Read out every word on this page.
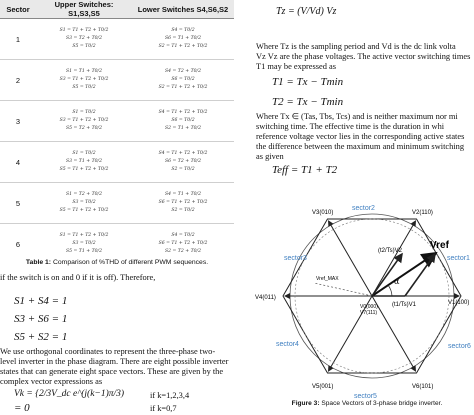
Sector	Upper Switches: S1,S3,S5	Lower Switches S4,S6,S2
1	S1 = T1 + T2 + T0/2
S3 = T2 + T0/2
S5 = T0/2	S4 = T0/2
S6 = T1 + T0/2
S2 = T1 + T2 + T0/2

2	S1 = T1 + T0/2
S3 = T1 + T2 + T0/2
S5 = T0/2	S4 = T2 + T0/2
S6 = T0/2
S2 = T1 + T2 + T0/2

3	S1 = T0/2
S3 = T1 + T2 + T0/2
S5 = T2 + T0/2	S4 = T1 + T2 + T0/2
S6 = T0/2
S2 = T1 + T0/2

4	S1 = T0/2
S3 = T1 + T0/2
S5 = T1 + T2 + T0/2	S4 = T1 + T2 + T0/2
S6 = T2 + T0/2
S2 = T0/2

5	S1 = T2 + T0/2
S3 = T0/2
S5 = T1 + T2 + T0/2	S4 = T1 + T0/2
S6 = T1 + T2 + T0/2
S2 = T0/2

6	S1 = T1 + T2 + T0/2
S3 = T0/2
S5 = T1 + T0/2	S4 = T0/2
S6 = T1 + T2 + T0/2
S2 = T2 + T0/2
Table 1: Comparison of %THD of different PWM sequences.
if the switch is on and 0 if it is off). Therefore,
S1 + S4 = 1
S3 + S6 = 1
S5 + S2 = 1
We use orthogonal coordinates to represent the three-phase two-
level inverter in the phase diagram. There are eight possible inverter
states that can generate eight space vectors. These are given by the
complex vector expressions as
Vk = {2/3V_dc e^(j(k−1)π/3)	if k=1,2,3,4
= 0	if k=0,7
Tz = (V/Vd) Vz
Where Tz is the sampling period and Vd is the dc link volta
Vz Vz are the phase voltages. The active vector switching times
T1 may be expressed as
T1 = Tx − Tmin
T2 = Tx − Tmin
Where Tx ∈ (Tas, Tbs, Tcs) and is neither maximum nor mi
switching time. The effective time is the duration in whi
reference voltage vector lies in the corresponding active states
the difference between the maximum and minimum switching
as given
Teff = T1 + T2
V3(010)	V2(110)
V4(011)
V1(100)
V5(001)	V6(101)
V0(000)
V7(111)
sector1
sector2
sector3
sector4
sector5
sector6
Vref
Vref_MAX	α
(t2/Ts)V2
(t1/Ts)V1
Figure 3: Space Vectors of 3-phase bridge inverter.
